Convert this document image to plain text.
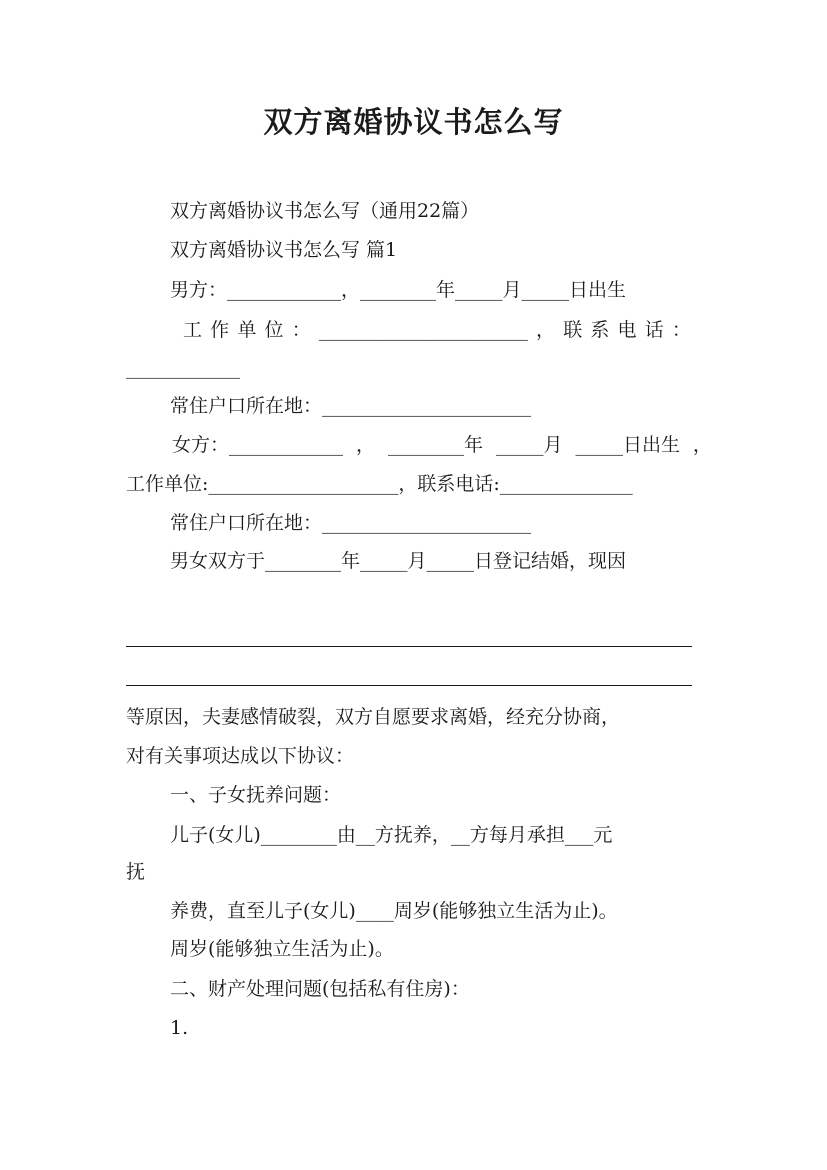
双方离婚协议书怎么写
双方离婚协议书怎么写（通用22篇）
双方离婚协议书怎么写 篇1
男方：____________，________年_____月_____日出生
工 作 单 位 ： ______________________ ， 联 系 电 话 ：
____________
常住户口所在地：______________________
女方：____________ ， ________年 _____月 _____日出生 ，
工作单位:____________________，联系电话:______________
常住户口所在地：______________________
男女双方于________年_____月_____日登记结婚，现因
等原因，夫妻感情破裂，双方自愿要求离婚，经充分协商，
对有关事项达成以下协议：
一、子女抚养问题：
儿子(女儿)________由__方抚养，__方每月承担___元
抚
养费，直至儿子(女儿)____周岁(能够独立生活为止)。
周岁(能够独立生活为止)。
二、财产处理问题(包括私有住房)：
1.
